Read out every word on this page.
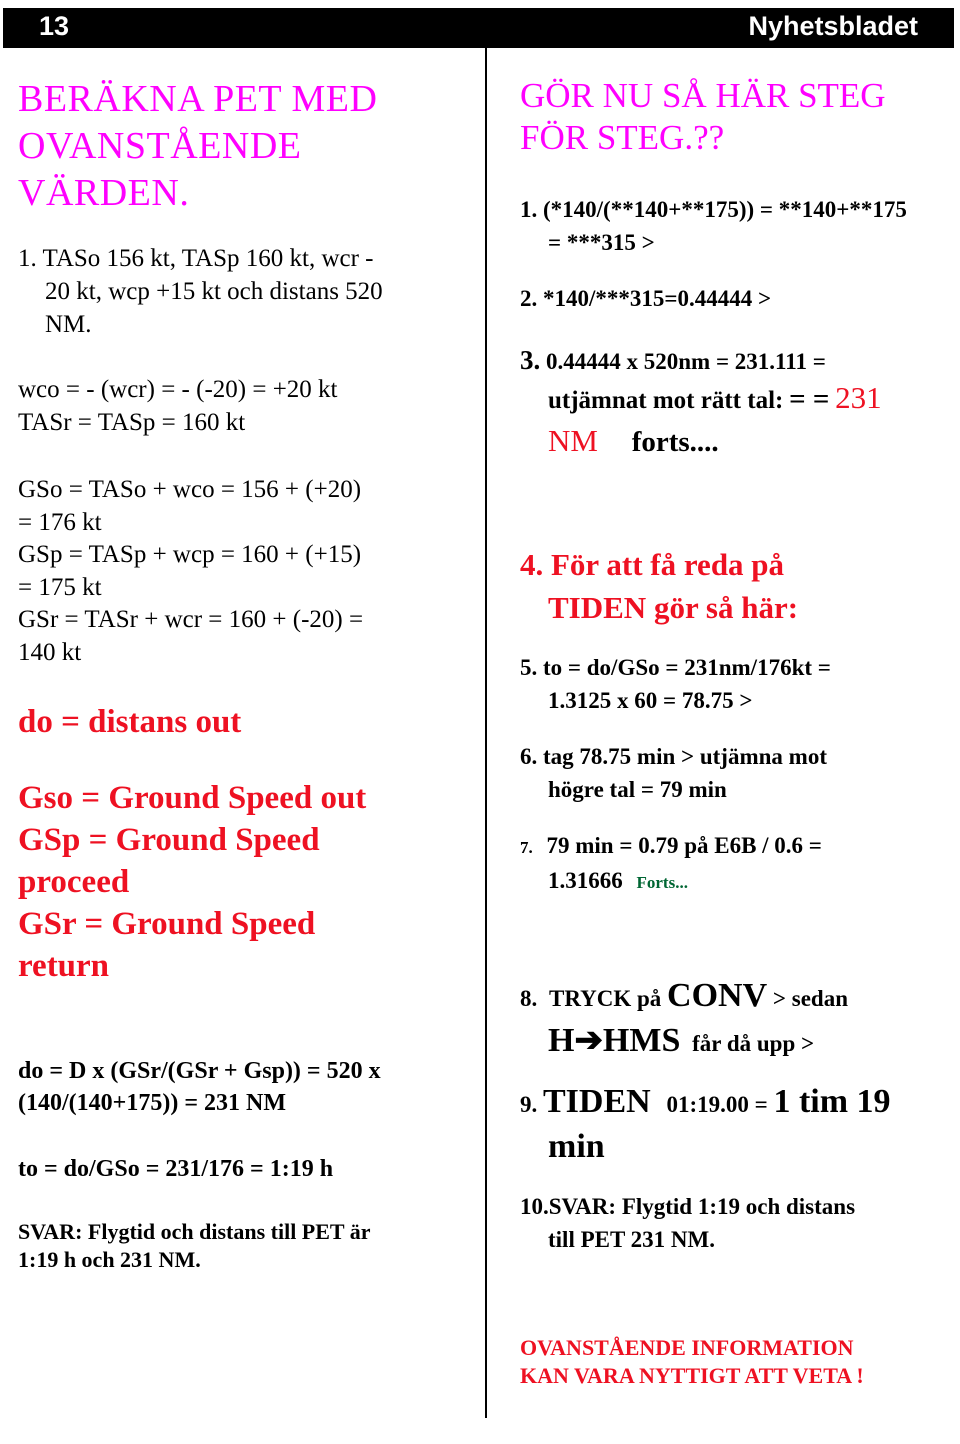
13	Nyhetsbladet
BERÄKNA PET MED
OVANSTÅENDE
VÄRDEN.
1. TASo 156 kt, TASp 160 kt, wcr -
20 kt, wcp +15 kt och distans 520
NM.
wco = - (wcr) = - (-20) = +20 kt
TASr = TASp = 160 kt
GSo = TASo + wco = 156 + (+20)
= 176 kt
GSp = TASp + wcp = 160 + (+15)
= 175 kt
GSr = TASr + wcr = 160 + (-20) =
140 kt
do = distans out
Gso = Ground Speed out
GSp = Ground Speed
proceed
GSr = Ground Speed
return
do = D x (GSr/(GSr + Gsp)) = 520 x
(140/(140+175)) = 231 NM
to = do/GSo = 231/176 = 1:19 h
SVAR: Flygtid och distans till PET är
1:19 h och 231 NM.
GÖR NU SÅ HÄR STEG
FÖR STEG.??
1. (*140/(**140+**175)) = **140+**175
= ***315 >
2. *140/***315=0.44444 >
3. 0.44444 x 520nm = 231.111 =
utjämnat mot rätt tal: = = 231
NM forts....
4. För att få reda på
TIDEN gör så här:
5. to = do/GSo = 231nm/176kt =
1.3125 x 60 = 78.75 >
6. tag 78.75 min > utjämna mot
högre tal = 79 min
7. 79 min = 0.79 på E6B / 0.6 =
1.31666 Forts...
8. TRYCK på CONV > sedan
H➔HMS får då upp >
9. TIDEN 01:19.00 = 1 tim 19
min
10.SVAR: Flygtid 1:19 och distans
till PET 231 NM.
OVANSTÅENDE INFORMATION
KAN VARA NYTTIGT ATT VETA !
